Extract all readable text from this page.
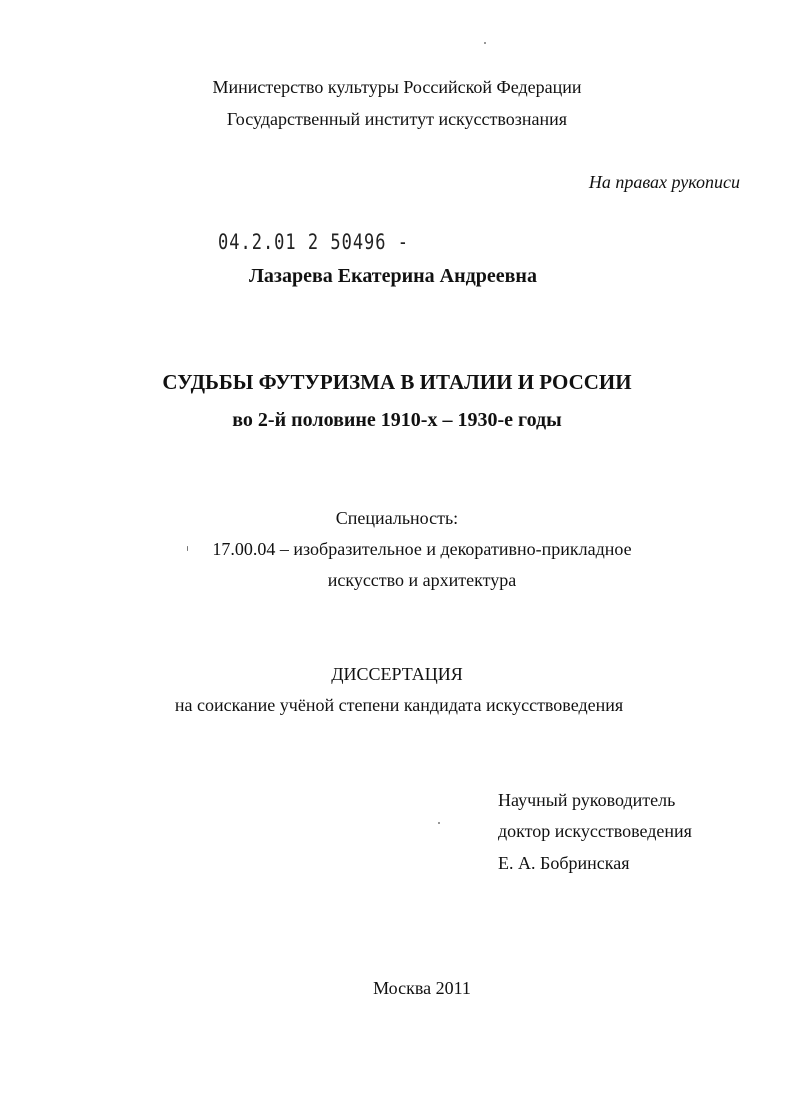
Министерство культуры Российской Федерации
Государственный институт искусствознания
На правах рукописи
04.2.01 2 50496 -
Лазарева Екатерина Андреевна
СУДЬБЫ ФУТУРИЗМА В ИТАЛИИ И РОССИИ
во 2-й половине 1910-х – 1930-е годы
Специальность:
17.00.04 – изобразительное и декоративно-прикладное
искусство и архитектура
ДИССЕРТАЦИЯ
на соискание учёной степени кандидата искусствоведения
Научный руководитель
доктор искусствоведения
Е. А. Бобринская
Москва 2011
